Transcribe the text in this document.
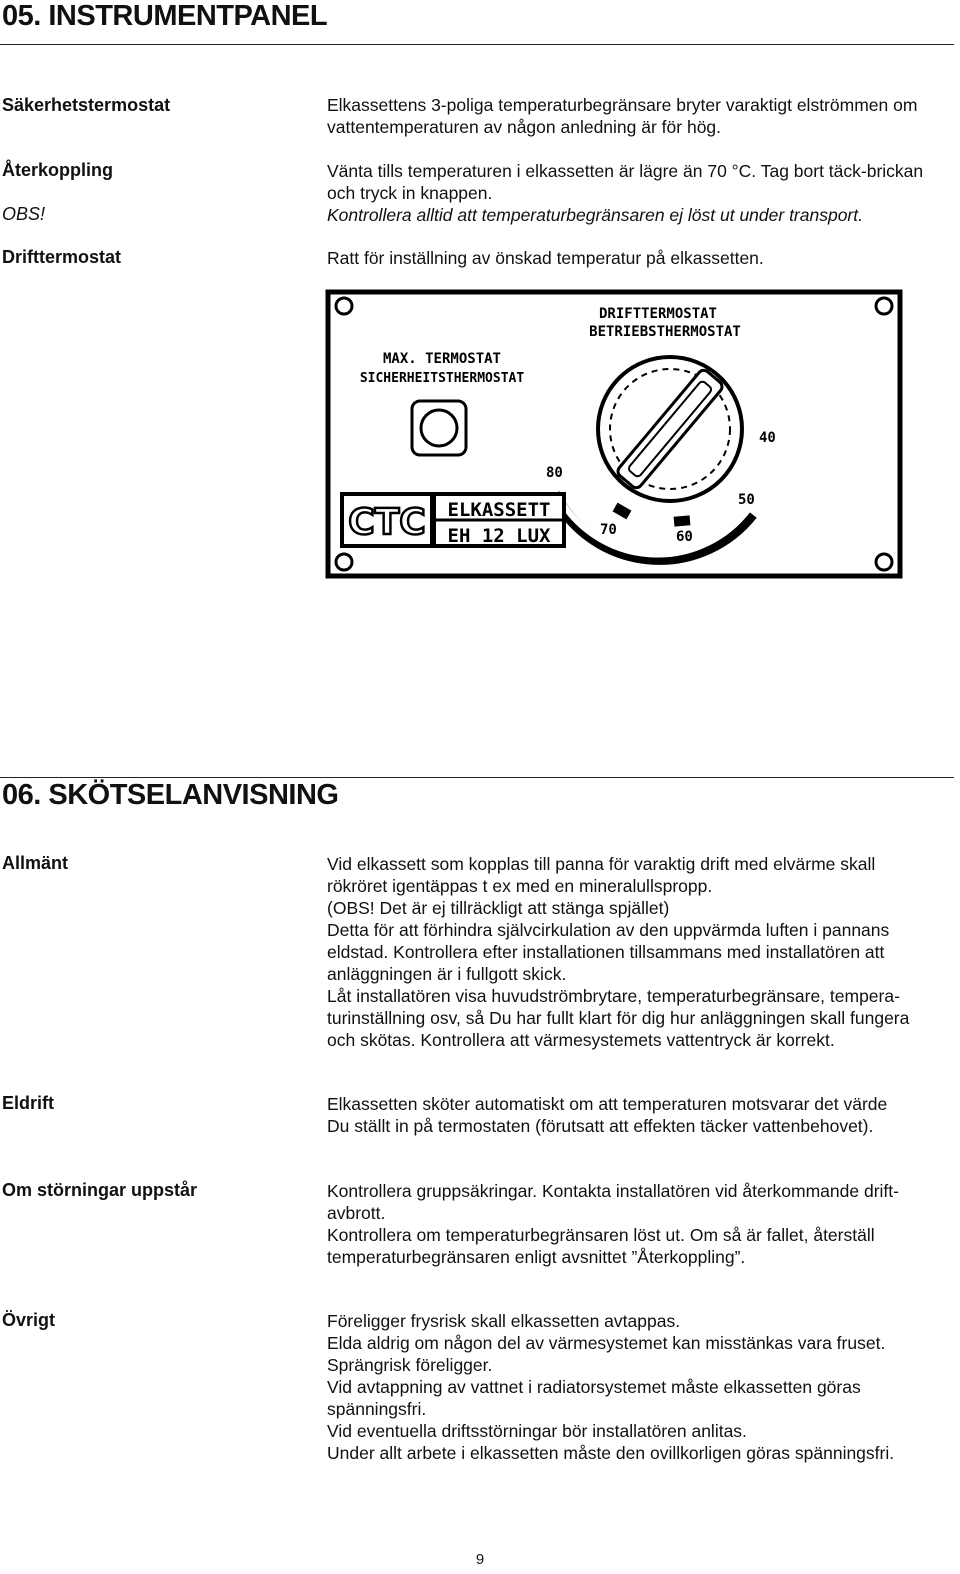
05. INSTRUMENTPANEL
Säkerhetstermostat	Elkassettens 3-poliga temperaturbegränsare bryter varaktigt elströmmen om vattentemperaturen av någon anledning är för hög.
Återkoppling	Vänta tills temperaturen i elkassetten är lägre än 70 °C. Tag bort täck-brickan och tryck in knappen.
OBS!	Kontrollera alltid att temperaturbegränsaren ej löst ut under transport.
Drifttermostat	Ratt för inställning av önskad temperatur på elkassetten.
DRIFTTERMOSTAT
BETRIEBSTHERMOSTAT
MAX. TERMOSTAT
SICHERHEITSTHERMOSTAT
40
50
60
70
80
CTC ELKASSETT
EH 12 LUX
06. SKÖTSELANVISNING
Allmänt	Vid elkassett som kopplas till panna för varaktig drift med elvärme skall

rökröret igentäppas t ex med en mineralullspropp.

(OBS! Det är ej tillräckligt att stänga spjället)

Detta för att förhindra självcirkulation av den uppvärmda luften i pannans

eldstad. Kontrollera efter installationen tillsammans med installatören att

anläggningen är i fullgott skick.

Låt installatören visa huvudströmbrytare, temperaturbegränsare, tempera-

turinställning osv, så Du har fullt klart för dig hur anläggningen skall fungera

och skötas. Kontrollera att värmesystemets vattentryck är korrekt.

Eldrift	Elkassetten sköter automatiskt om att temperaturen motsvarar det värde

Du ställt in på termostaten (förutsatt att effekten täcker vattenbehovet).

Om störningar uppstår	Kontrollera gruppsäkringar. Kontakta installatören vid återkommande drift-

avbrott.

Kontrollera om temperaturbegränsaren löst ut. Om så är fallet, återställ

temperaturbegränsaren enligt avsnittet ”Återkoppling”.

Övrigt	Föreligger frysrisk skall elkassetten avtappas.

Elda aldrig om någon del av värmesystemet kan misstänkas vara fruset.

Sprängrisk föreligger.

Vid avtappning av vattnet i radiatorsystemet måste elkassetten göras

spänningsfri.

Vid eventuella driftsstörningar bör installatören anlitas.

Under allt arbete i elkassetten måste den ovillkorligen göras spänningsfri.

9
